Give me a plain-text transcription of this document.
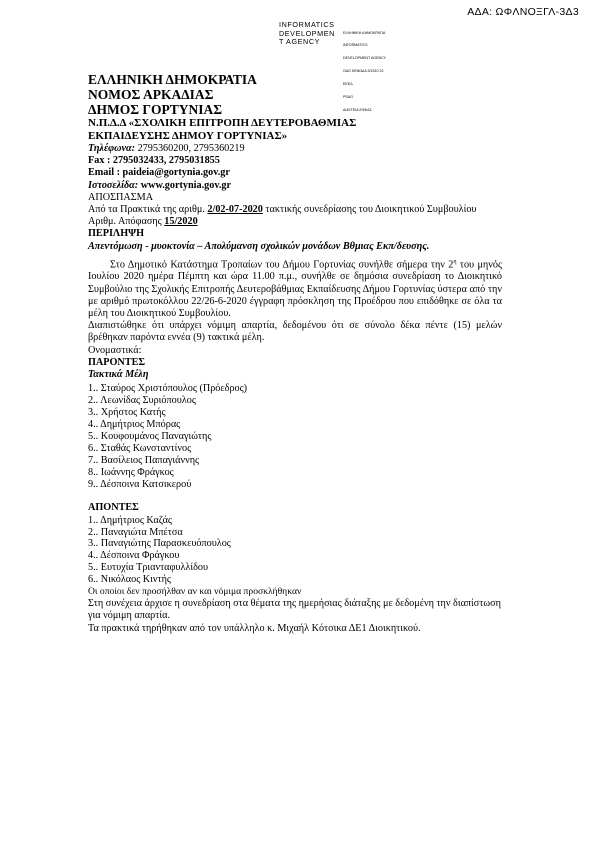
ΑΔΑ: ΩΦΛΝΟΞΓΛ-3Δ3
INFORMATICS
DEVELOPMEN
T AGENCY

ΕΛΛΗΝΙΚΗ ΔΗΜΟΚΡΑΤΙΑ

INFORMATICS

DEVELOPMENT AGENCY

ΟΔΟ ΚΕΝΩΔΑ 3/1510 22

ΕΚΕΔ

PSAG

ΔΙΑΥΓΕΙΑ ΕΦΚΑΣ

ΕΛΛΗΝΙΚΗ ΔΗΜΟΚΡΑΤΙΑ
ΝΟΜΟΣ ΑΡΚΑΔΙΑΣ
ΔΗΜΟΣ ΓΟΡΤΥΝΙΑΣ
Ν.Π.Δ.Δ «ΣΧΟΛΙΚΗ ΕΠΙΤΡΟΠΗ ΔΕΥΤΕΡΟΒΑΘΜΙΑΣ
ΕΚΠΑΙΔΕΥΣΗΣ ΔΗΜΟΥ ΓΟΡΤΥΝΙΑΣ»
Τηλέφωνα: 2795360200, 2795360219
Fax : 2795032433, 2795031855
Email : paideia@gortynia.gov.gr
Ιστοσελίδα: www.gortynia.gov.gr
ΑΠΟΣΠΑΣΜΑ
Από τα Πρακτικά της αριθμ. 2/02-07-2020 τακτικής συνεδρίασης του Διοικητικού Συμβουλίου
Αριθμ. Απόφασης 15/2020
ΠΕΡΙΛΗΨΗ
Απεντόμωση - μυοκτονία – Απολύμανση σχολικών μονάδων Βθμιας Εκπ/δευσης.
Στο Δημοτικό Κατάστημα Τροπαίων του Δήμου Γορτυνίας συνήλθε σήμερα την $2^\eta$ του μηνός Ιουλίου 2020 ημέρα Πέμπτη και ώρα 11.00 π.μ., συνήλθε σε δημόσια συνεδρίαση το Διοικητικό Συμβούλιο της Σχολικής Επιτροπής Δευτεροβάθμιας Εκπαίδευσης Δήμου Γορτυνίας ύστερα από την με αριθμό πρωτοκόλλου 22/26-6-2020 έγγραφη πρόσκληση της Προέδρου που επιδόθηκε σε όλα τα μέλη του Διοικητικού Συμβουλίου.
Διαπιστώθηκε ότι υπάρχει νόμιμη απαρτία, δεδομένου ότι σε σύνολο δέκα πέντε (15) μελών βρέθηκαν παρόντα εννέα (9) τακτικά μέλη.
Ονομαστικά:
ΠΑΡΟΝΤΕΣ
Τακτικά Μέλη
1.. Σταύρος Χριστόπουλος (Πρόεδρος)
2.. Λεωνίδας Συριόπουλος
3.. Χρήστος Κατής
4.. Δημήτριος Μπόρας
5.. Κουφουμάνος Παναγιώτης
6.. Σταθάς Κωνσταντίνος
7.. Βασίλειος Παπαγιάννης
8.. Ιωάννης Φράγκος
9.. Δέσποινα Κατσικερού
ΑΠΟΝΤΕΣ
1.. Δημήτριος Καζάς
2.. Παναγιώτα Μπέτσα
3.. Παναγιώτης Παρασκευόπουλος
4.. Δέσποινα Φράγκου
5.. Ευτυχία Τριανταφυλλίδου
6.. Νικόλαος Κιντής
Οι οποίοι δεν προσήλθαν αν και νόμιμα προσκλήθηκαν
Στη συνέχεια άρχισε η συνεδρίαση στα θέματα της ημερήσιας διάταξης με δεδομένη την διαπίστωση για νόμιμη απαρτία.
Τα πρακτικά τηρήθηκαν από τον υπάλληλο κ. Μιχαήλ Κότσικα ΔΕ1 Διοικητικού.
